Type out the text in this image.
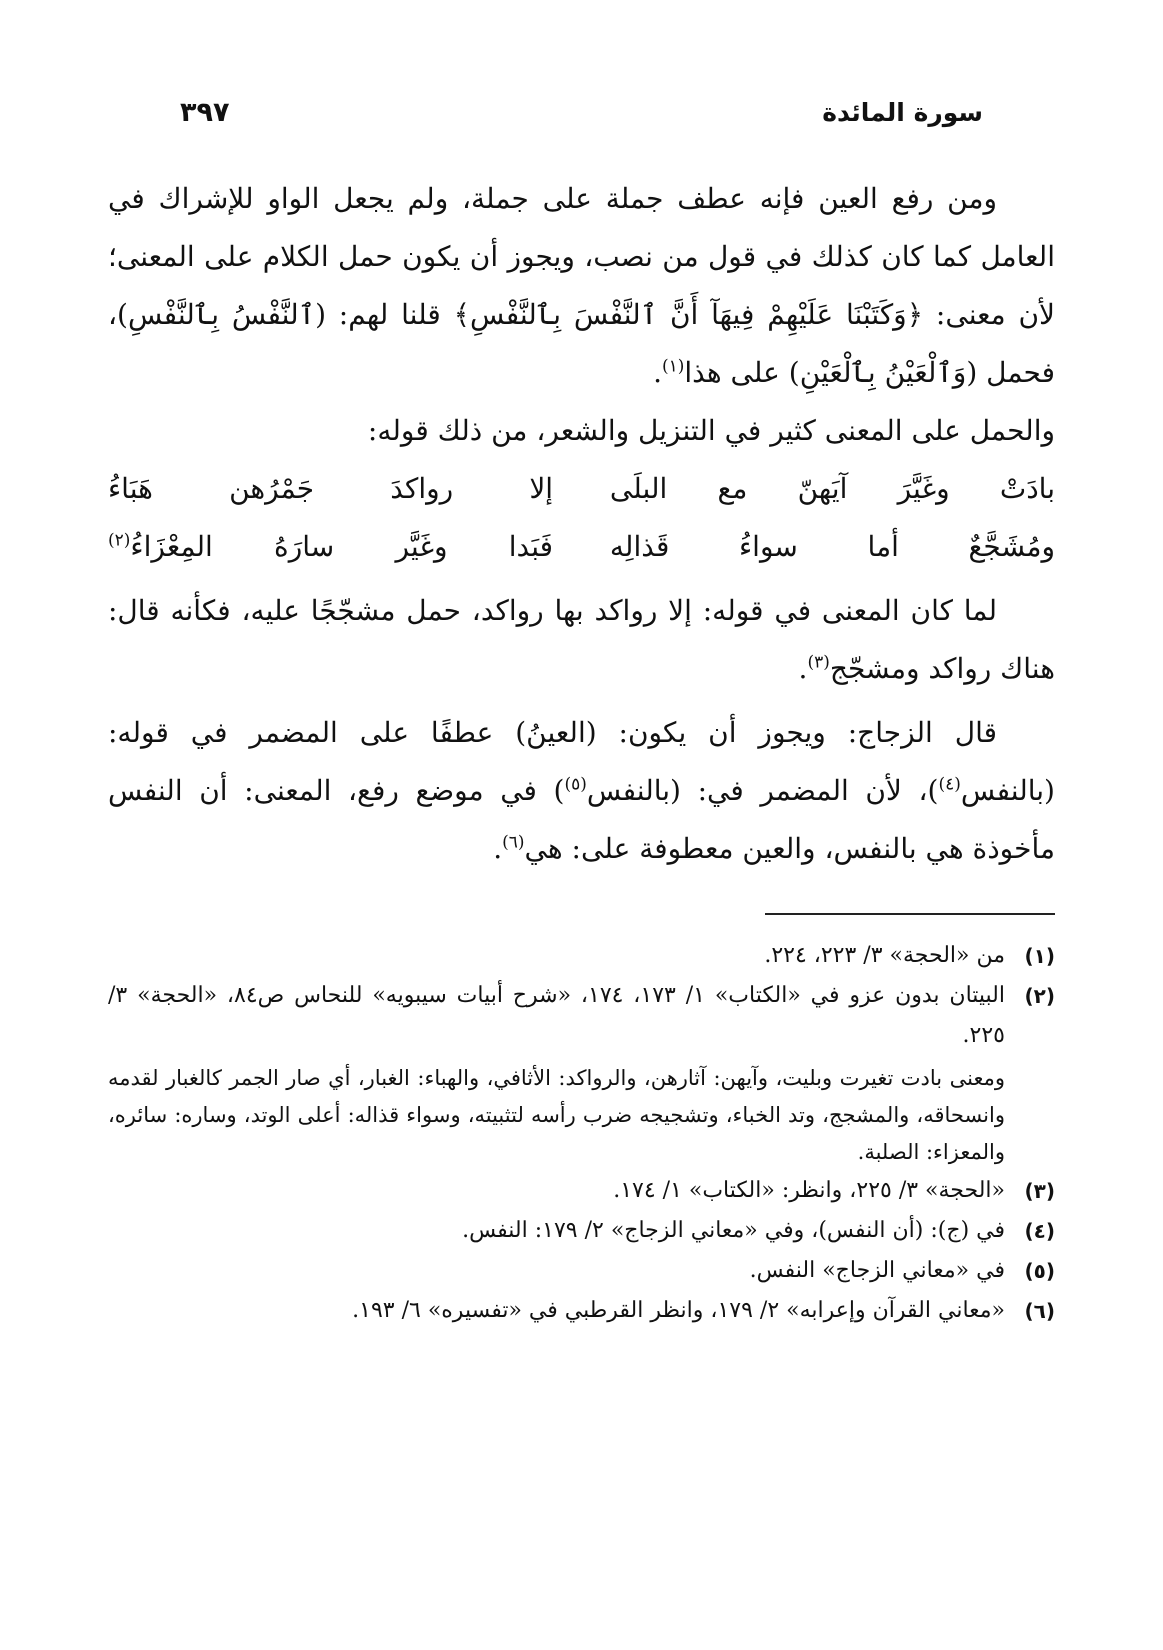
سورة المائدة
٣٩٧

ومن رفع العين فإنه عطف جملة على جملة، ولم يجعل الواو للإشراك في العامل كما كان كذلك في قول من نصب، ويجوز أن يكون حمل الكلام على المعنى؛ لأن معنى: ﴿وَكَتَبْنَا عَلَيْهِمْ فِيهَآ أَنَّ ٱلنَّفْسَ بِٱلنَّفْسِ﴾ قلنا لهم: (ٱلنَّفْسُ بِٱلنَّفْسِ)، فحمل (وَٱلْعَيْنُ بِٱلْعَيْنِ) على هذا$^{(١)}$.

والحمل على المعنى كثير في التنزيل والشعر، من ذلك قوله:

بادَتْ وغَيَّرَ آيَهنّ مع البلَى
إلا رواكدَ جَمْرُهن هَبَاءُ
ومُشَجَّعٌ أما سواءُ قَذالِه
فَبَدا وغَيَّر سارَهُ المِعْزَاءُ$^{(٢)}$

لما كان المعنى في قوله: إلا رواكد بها رواكد، حمل مشجّجًا عليه، فكأنه قال: هناك رواكد ومشجّج$^{(٣)}$.

قال الزجاج: ويجوز أن يكون: (العينُ) عطفًا على المضمر في قوله: (بالنفس$^{(٤)}$)، لأن المضمر في: (بالنفس$^{(٥)}$) في موضع رفع، المعنى: أن النفس مأخوذة هي بالنفس، والعين معطوفة على: هي$^{(٦)}$.

(١)
من «الحجة» ٣/ ٢٢٣، ٢٢٤.
(٢)
البيتان بدون عزو في «الكتاب» ١/ ١٧٣، ١٧٤، «شرح أبيات سيبويه» للنحاس ص٨٤، «الحجة» ٣/ ٢٢٥.
ومعنى بادت تغيرت وبليت، وآيهن: آثارهن، والرواكد: الأثافي، والهباء: الغبار، أي صار الجمر كالغبار لقدمه وانسحاقه، والمشجج، وتد الخباء، وتشجيجه ضرب رأسه لتثبيته، وسواء قذاله: أعلى الوتد، وساره: سائره، والمعزاء: الصلبة.
(٣)
«الحجة» ٣/ ٢٢٥، وانظر: «الكتاب» ١/ ١٧٤.
(٤)
في (ج): (أن النفس)، وفي «معاني الزجاج» ٢/ ١٧٩: النفس.
(٥)
في «معاني الزجاج» النفس.
(٦)
«معاني القرآن وإعرابه» ٢/ ١٧٩، وانظر القرطبي في «تفسيره» ٦/ ١٩٣.
